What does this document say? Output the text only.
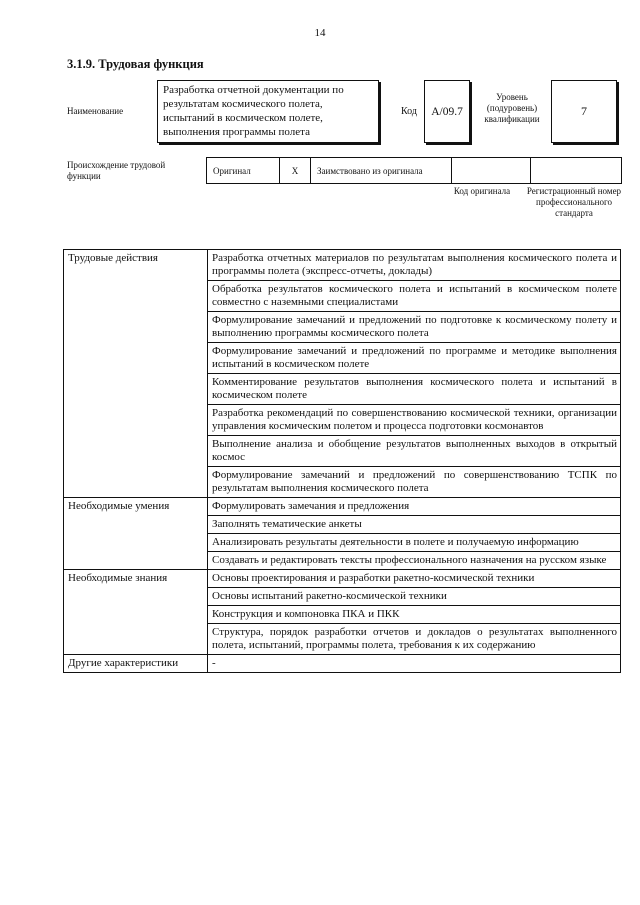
14
3.1.9. Трудовая функция
Наименование
Разработка отчетной документации по результатам космического полета, испытаний в космическом полете, выполнения программы полета
Код	А/09.7
Уровень (подуровень) квалификации
7
Происхождение трудовой функции
Оригинал	X	Заимствовано из оригинала		
Код оригинала	Регистрационный номер профессионального стандарта
Трудовые действия	Разработка отчетных материалов по результатам выполнения космического полета и программы полета (экспресс-отчеты, доклады)
	Обработка результатов космического полета и испытаний в космическом полете совместно с наземными специалистами
	Формулирование замечаний и предложений по подготовке к космическому полету и выполнению программы космического полета
	Формулирование замечаний и предложений по программе и методике выполнения испытаний в космическом полете
	Комментирование результатов выполнения космического полета и испытаний в космическом полете
	Разработка рекомендаций по совершенствованию космической техники, организации управления космическим полетом и процесса подготовки космонавтов
	Выполнение анализа и обобщение результатов выполненных выходов в открытый космос
	Формулирование замечаний и предложений по совершенствованию ТСПК по результатам выполнения космического полета
Необходимые умения	Формулировать замечания и предложения
	Заполнять тематические анкеты
	Анализировать результаты деятельности в полете и получаемую информацию
	Создавать и редактировать тексты профессионального назначения на русском языке
Необходимые знания	Основы проектирования и разработки ракетно-космической техники
	Основы испытаний ракетно-космической техники
	Конструкция и компоновка ПКА и ПКК
	Структура, порядок разработки отчетов и докладов о результатах выполненного полета, испытаний, программы полета, требования к их содержанию
Другие характеристики	-
